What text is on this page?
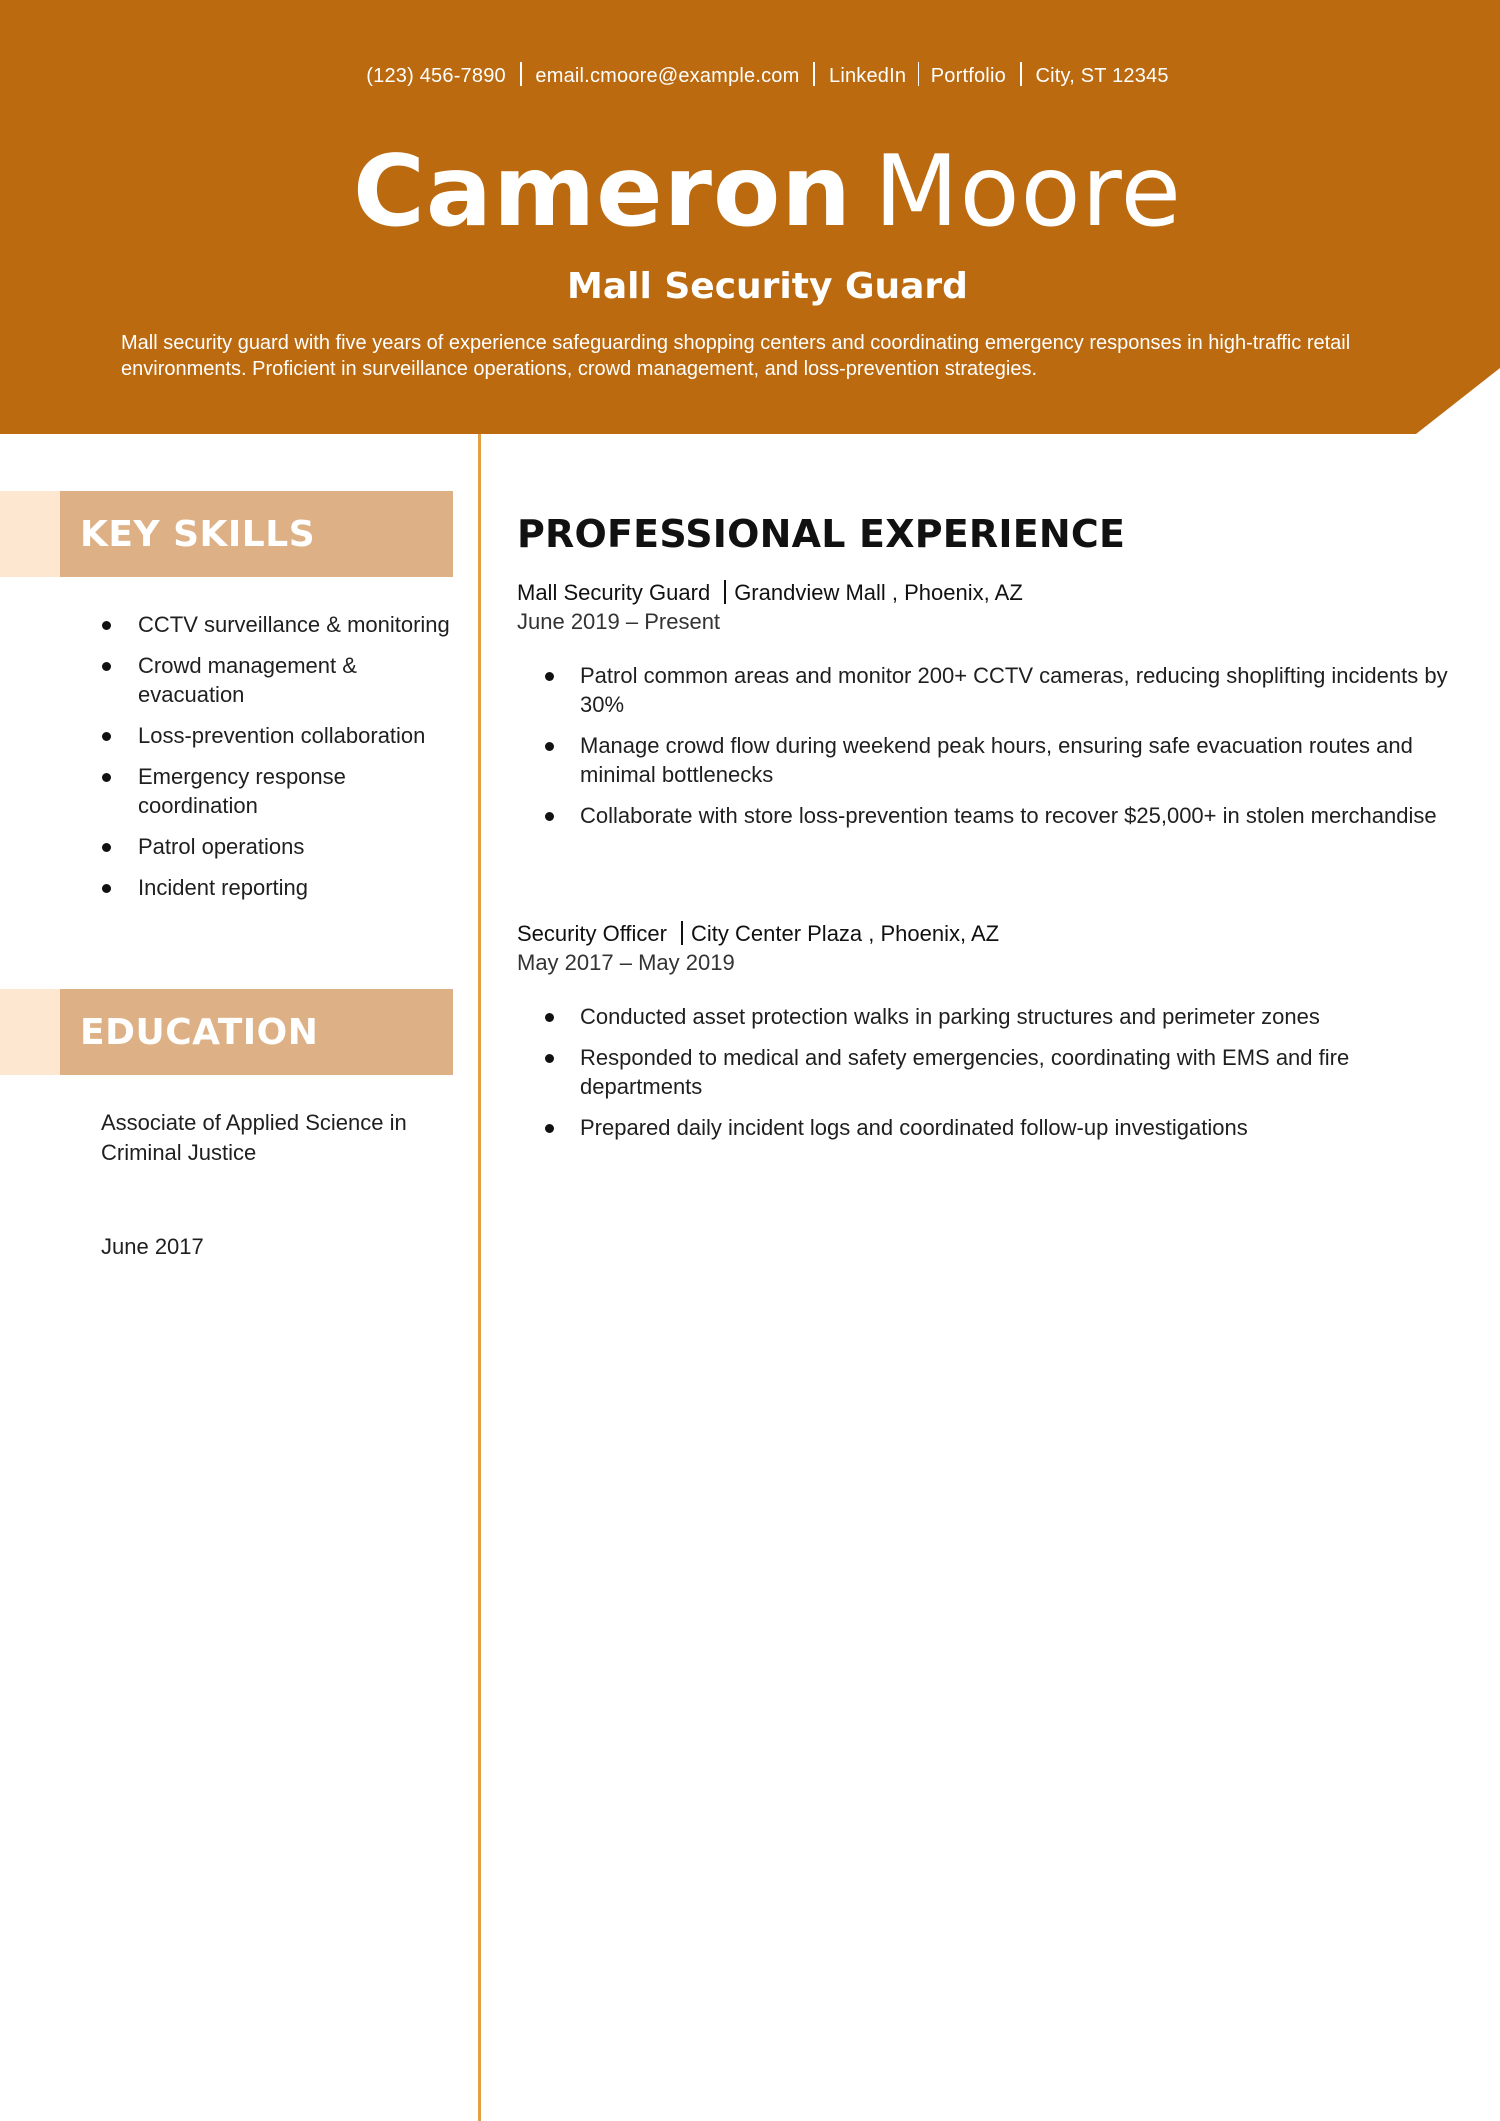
(123) 456-7890 email.cmoore@example.com LinkedIn Portfolio City, ST 12345
Cameron Moore
Mall Security Guard
Mall security guard with five years of experience safeguarding shopping centers and coordinating emergency responses in high-traffic retail environments. Proficient in surveillance operations, crowd management, and loss-prevention strategies.
KEY SKILLS
CCTV surveillance & monitoring
Crowd management & evacuation
Loss-prevention collaboration
Emergency response coordination
Patrol operations
Incident reporting
EDUCATION
Associate of Applied Science in Criminal Justice
June 2017
PROFESSIONAL EXPERIENCE
Mall Security Guard Grandview Mall , Phoenix, AZ
June 2019 – Present
Patrol common areas and monitor 200+ CCTV cameras, reducing shoplifting incidents by 30%
Manage crowd flow during weekend peak hours, ensuring safe evacuation routes and minimal bottlenecks
Collaborate with store loss-prevention teams to recover $25,000+ in stolen merchandise
Security Officer City Center Plaza , Phoenix, AZ
May 2017 – May 2019
Conducted asset protection walks in parking structures and perimeter zones
Responded to medical and safety emergencies, coordinating with EMS and fire departments
Prepared daily incident logs and coordinated follow-up investigations
